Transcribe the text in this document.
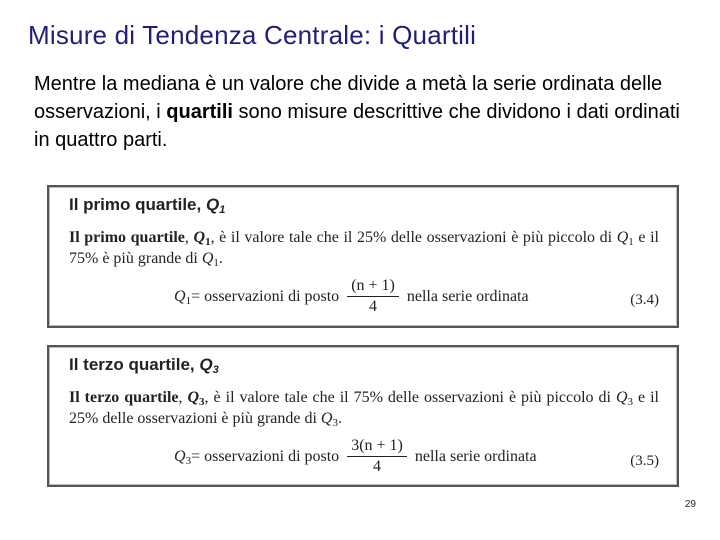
Misure di Tendenza Centrale: i Quartili

Mentre la mediana è un valore che divide a metà la serie ordinata delle osservazioni, i quartili sono misure descrittive che dividono i dati ordinati in quattro parti.

Il primo quartile, $Q_1$
Il primo quartile, $Q_1$, è il valore tale che il 25% delle osservazioni è più piccolo di $Q_1$ e il 75% è più grande di $Q_1$.
$Q_1$ = osservazioni di posto $\frac{(n + 1)}{4}$ nella serie ordinata	(3.4)
Il terzo quartile, $Q_3$
Il terzo quartile, $Q_3$, è il valore tale che il 75% delle osservazioni è più piccolo di $Q_3$ e il 25% delle osservazioni è più grande di $Q_3$.
$Q_3$ = osservazioni di posto $\frac{3(n + 1)}{4}$ nella serie ordinata	(3.5)
29
